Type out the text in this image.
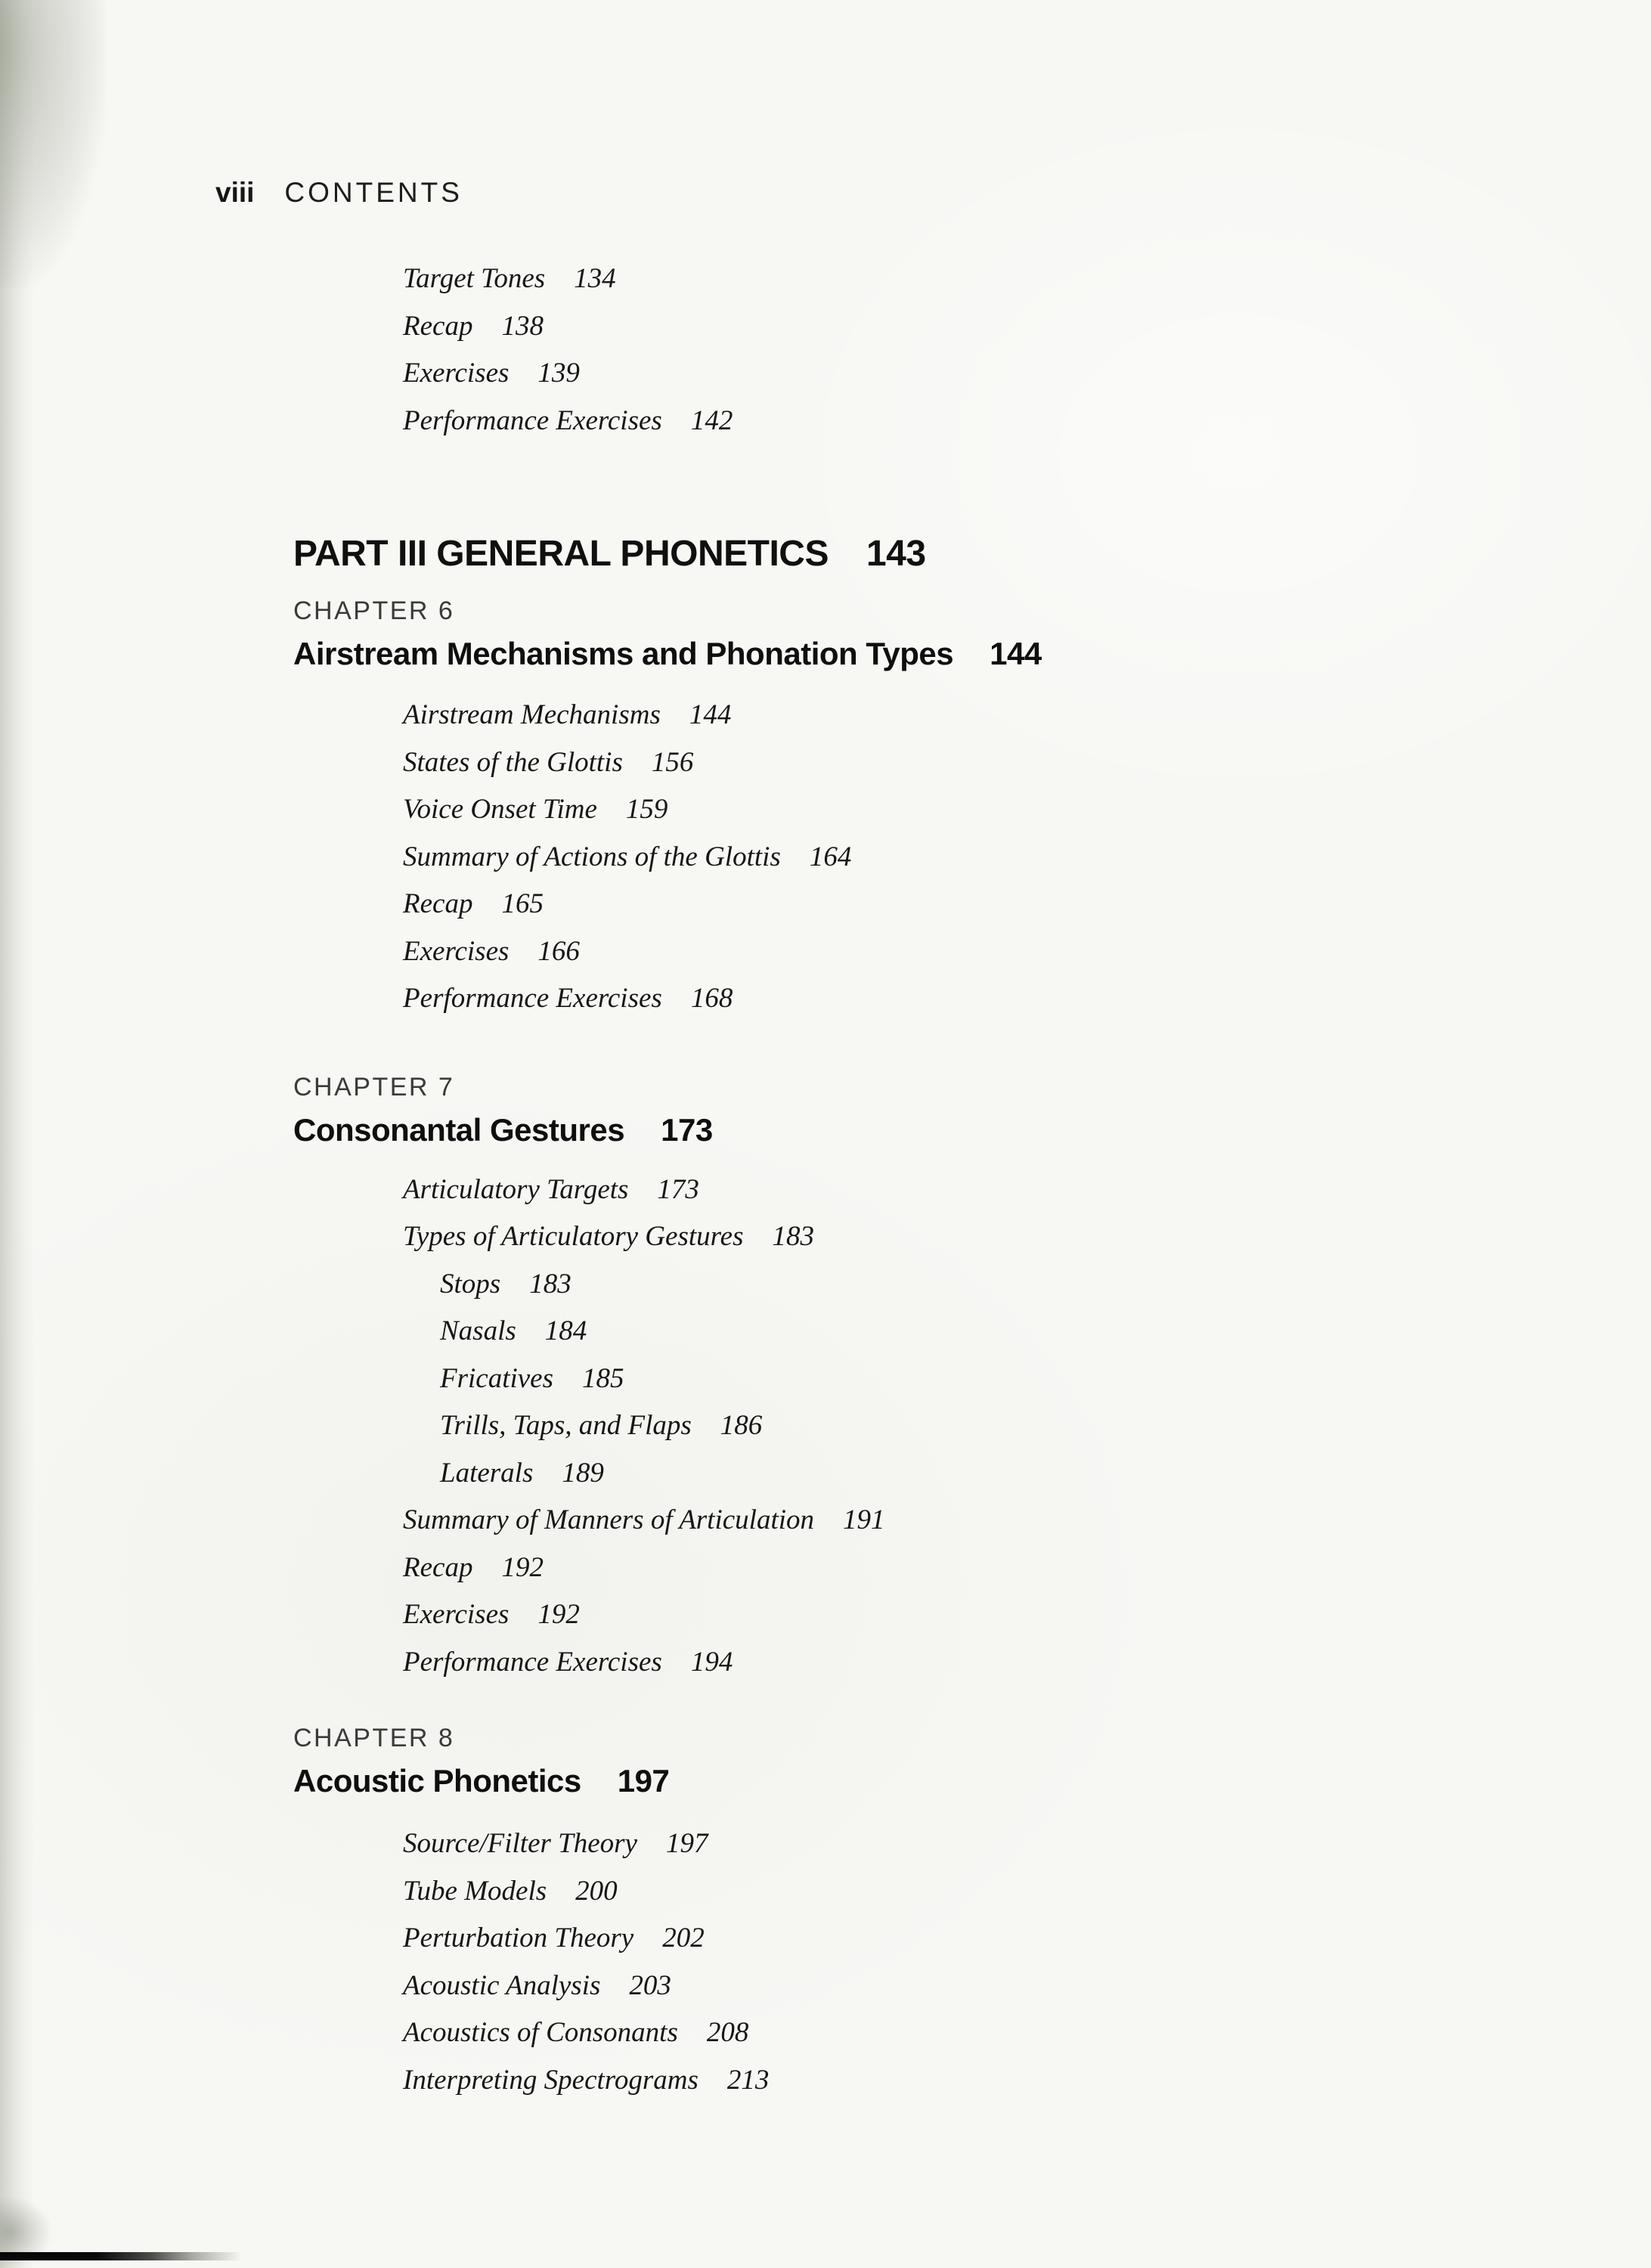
viii CONTENTS
Target Tones 134
Recap 138
Exercises 139
Performance Exercises 142
PART III GENERAL PHONETICS 143
CHAPTER 6
Airstream Mechanisms and Phonation Types 144
Airstream Mechanisms 144
States of the Glottis 156
Voice Onset Time 159
Summary of Actions of the Glottis 164
Recap 165
Exercises 166
Performance Exercises 168
CHAPTER 7
Consonantal Gestures 173
Articulatory Targets 173
Types of Articulatory Gestures 183
Stops 183
Nasals 184
Fricatives 185
Trills, Taps, and Flaps 186
Laterals 189
Summary of Manners of Articulation 191
Recap 192
Exercises 192
Performance Exercises 194
CHAPTER 8
Acoustic Phonetics 197
Source/Filter Theory 197
Tube Models 200
Perturbation Theory 202
Acoustic Analysis 203
Acoustics of Consonants 208
Interpreting Spectrograms 213
